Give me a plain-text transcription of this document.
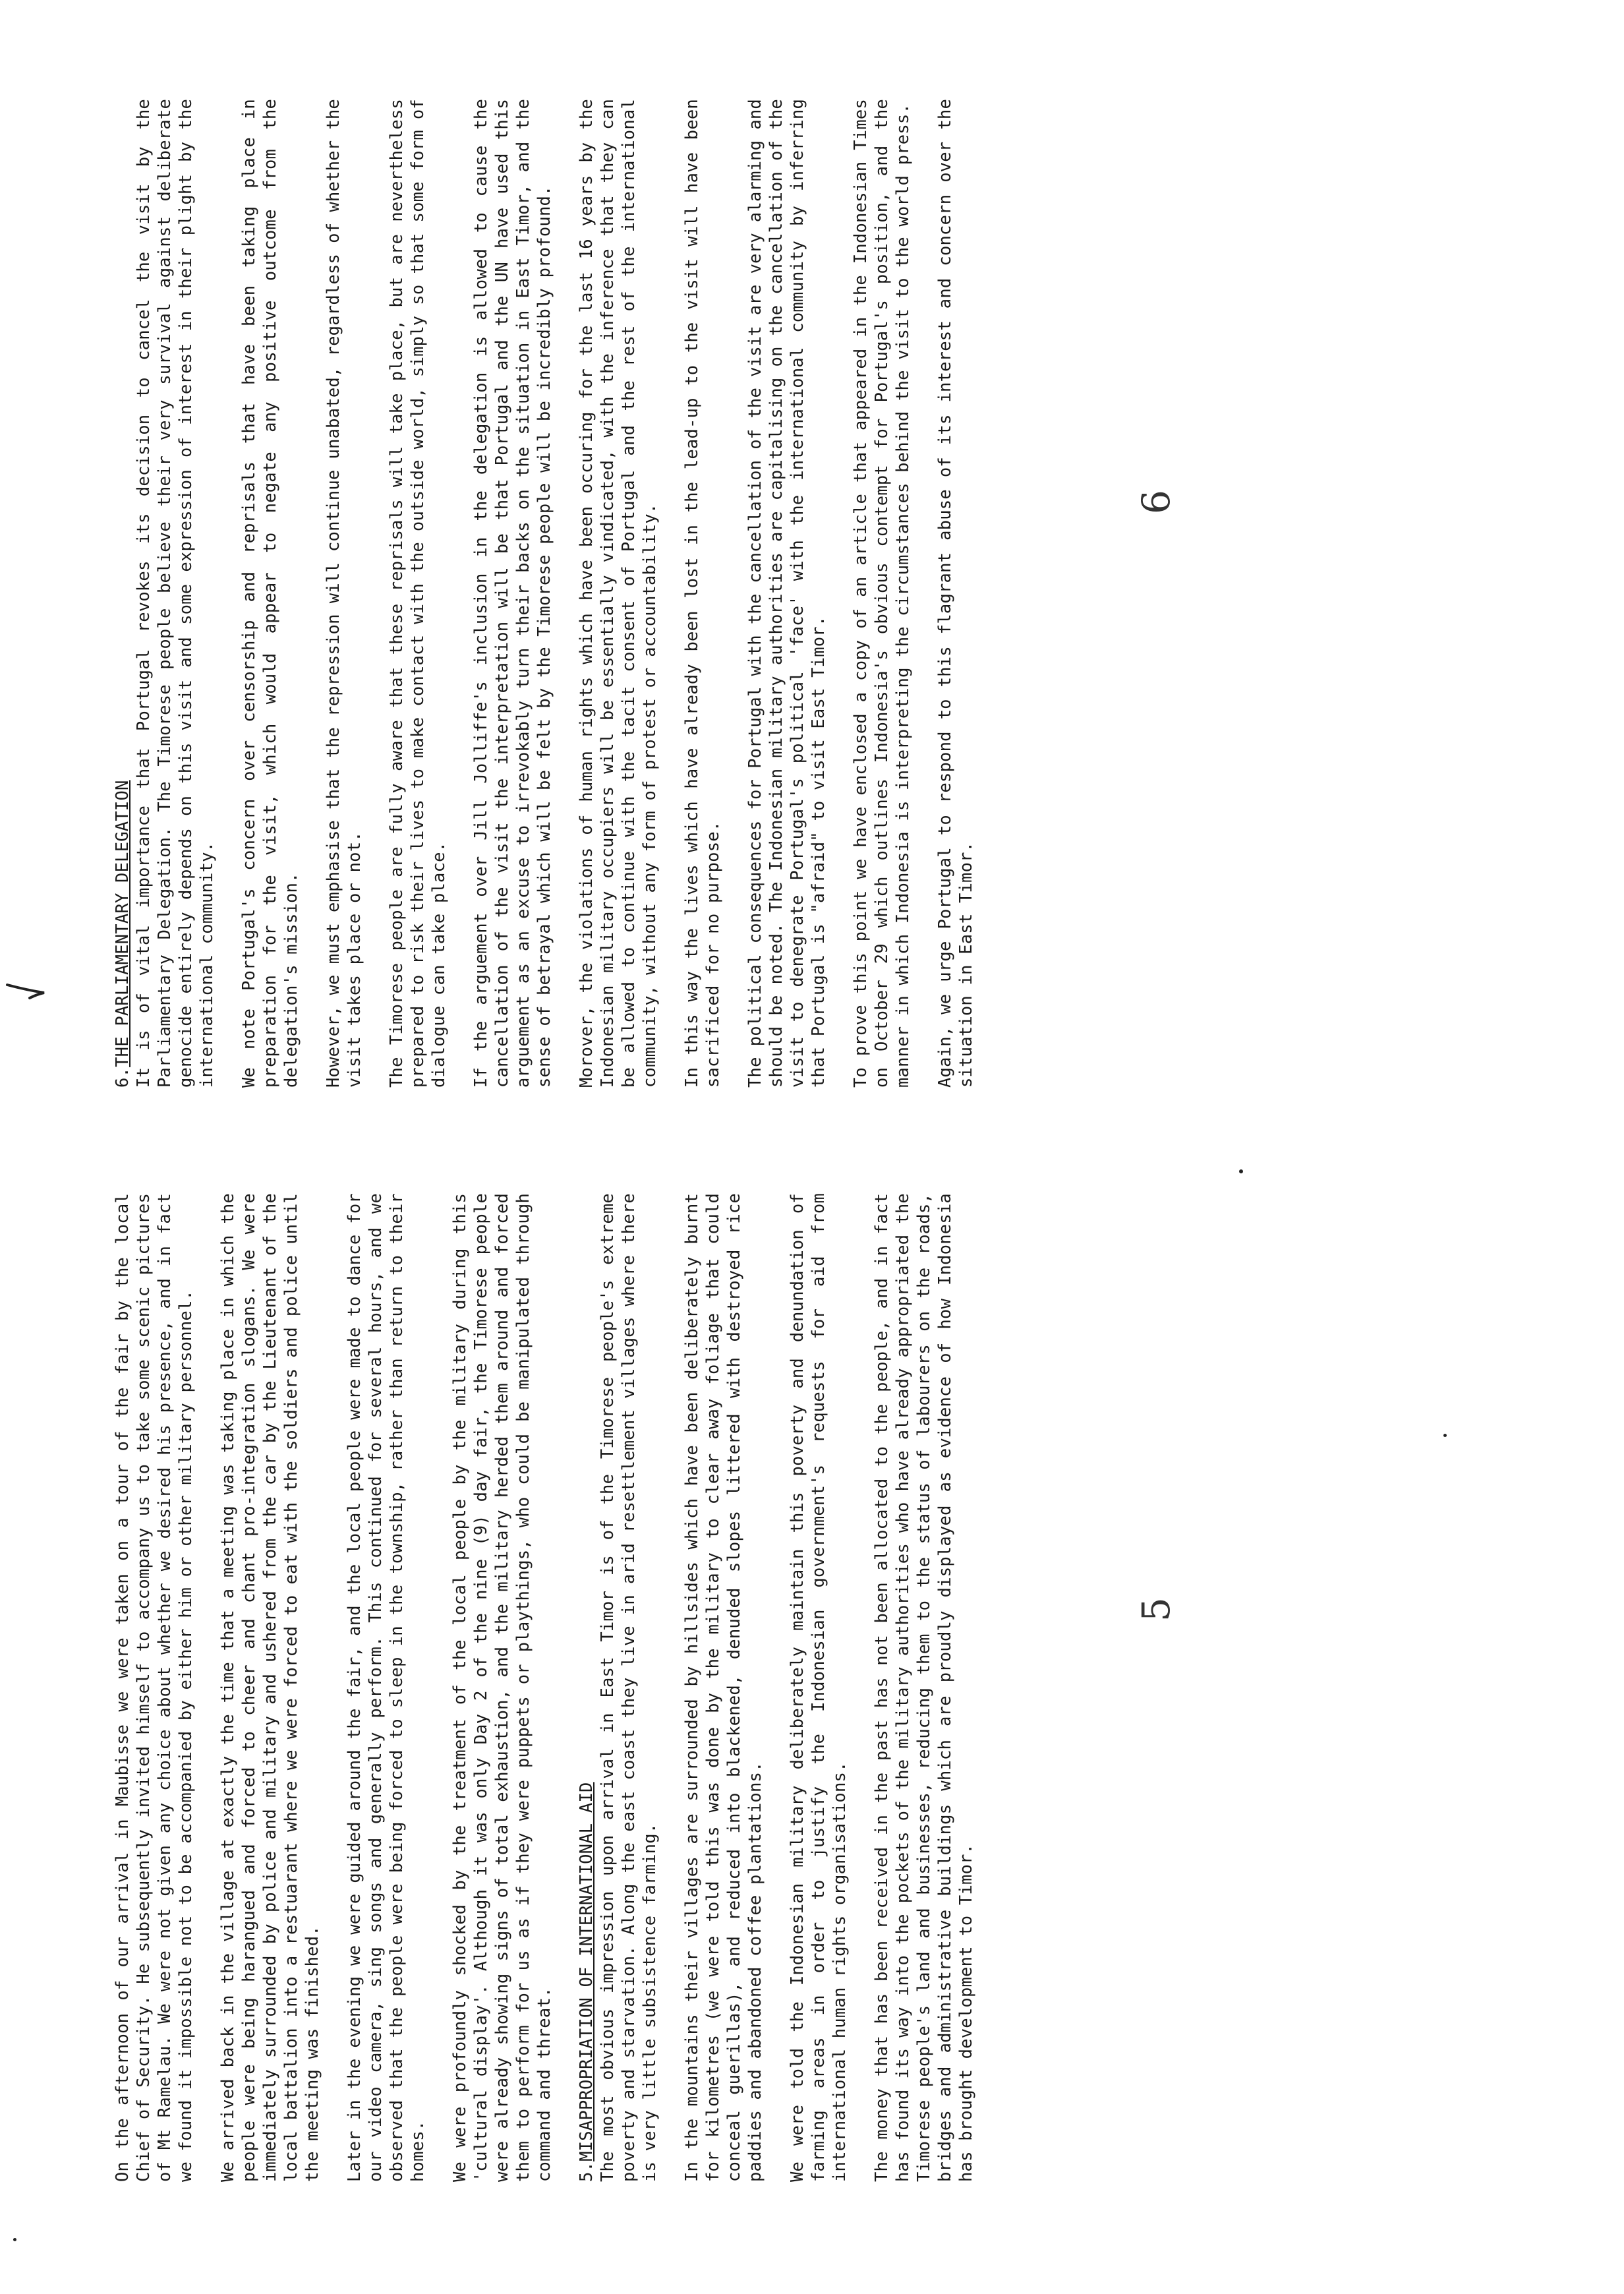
On the afternoon of our arrival in Maubisse we were taken on a tour of the fair by the local Chief of Security. He subsequently invited himself to accompany us to take some scenic pictures of Mt Ramelau. We were not given any choice about whether we desired his presence, and in fact we found it impossible not to be accompanied by either him or other military personnel. We arrived back in the village at exactly the time that a meeting was taking place in which the people were being harangued and forced to cheer and chant pro-integration slogans. We were immediately surrounded by police and military and ushered from the car by the Lieutenant of the local battalion into a restuarant where we were forced to eat with the soldiers and police until the meeting was finished. Later in the evening we were guided around the fair, and the local people were made to dance for our video camera, sing songs and generally perform. This continued for several hours, and we observed that the people were being forced to sleep in the township, rather than return to their homes. We were profoundly shocked by the treatment of the local people by the military during this 'cultural display'. Although it was only Day 2 of the nine (9) day fair, the Timorese people were already showing signs of total exhaustion, and the military herded them around and forced them to perform for us as if they were puppets or playthings, who could be manipulated through command and threat. 5.MISAPPROPRIATION OF INTERNATIONAL AID The most obvious impression upon arrival in East Timor is of the Timorese people's extreme poverty and starvation. Along the east coast they live in arid resettlement villages where there is very little subsistence farming. In the mountains their villages are surrounded by hillsides which have been deliberately burnt for kilometres (we were told this was done by the military to clear away foliage that could conceal guerillas), and reduced into blackened, denuded slopes littered with destroyed rice paddies and abandoned coffee plantations. We were told the Indonesian military deliberately maintain this poverty and denundation of farming areas in order to justify the Indonesian government's requests for aid from international human rights organisations. The money that has been received in the past has not been allocated to the people, and in fact has found its way into the pockets of the military authorities who have already appropriated the Timorese people's land and businesses, reducing them to the status of labourers on the roads, bridges and administrative buildings which are proudly displayed as evidence of how Indonesia has brought development to Timor.

5
6.THE PARLIAMENTARY DELEGATION It is of vital importance that Portugal revokes its decision to cancel the visit by the Parliamentary Delegation. The Timorese people believe their very survival against deliberate genocide entirely depends on this visit and some expression of interest in their plight by the international community. We note Portugal's concern over censorship and reprisals that have been taking place in preparation for the visit, which would appear to negate any positive outcome from the delegation's mission. However, we must emphasise that the repression will continue unabated, regardless of whether the visit takes place or not. The Timorese people are fully aware that these reprisals will take place, but are nevertheless prepared to risk their lives to make contact with the outside world, simply so that some form of dialogue can take place. If the arguement over Jill Jolliffe's inclusion in the delegation is allowed to cause the cancellation of the visit the interpretation will be that Portugal and the UN have used this arguement as an excuse to irrevokably turn their backs on the situation in East Timor, and the sense of betrayal which will be felt by the Timorese people will be incredibly profound. Morover, the violations of human rights which have been occuring for the last 16 years by the Indonesian military occupiers will be essentially vindicated, with the inference that they can be allowed to continue with the tacit consent of Portugal and the rest of the international community, without any form of protest or accountability. In this way the lives which have already been lost in the lead-up to the visit will have been sacrificed for no purpose. The political consequences for Portugal with the cancellation of the visit are very alarming and should be noted. The Indonesian military authorities are capitalising on the cancellation of the visit to denegrate Portugal's political 'face' with the international community by inferring that Portugal is "afraid" to visit East Timor. To prove this point we have enclosed a copy of an article that appeared in the Indonesian Times on October 29 which outlines Indonesia's obvious contempt for Portugal's position, and the manner in which Indonesia is interpreting the circumstances behind the visit to the world press. Again, we urge Portugal to respond to this flagrant abuse of its interest and concern over the situation in East Timor.

6
